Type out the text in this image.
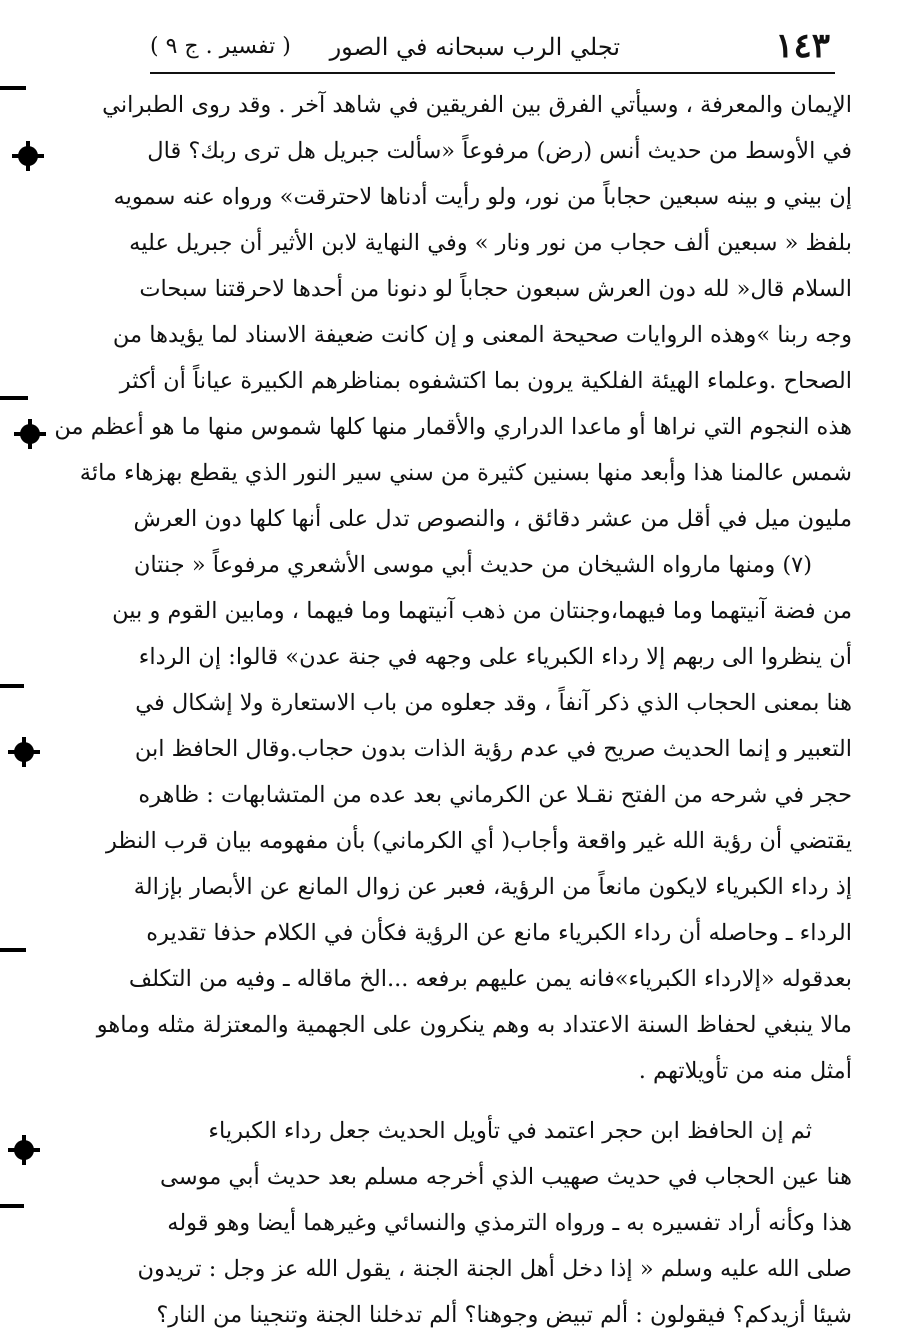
١٤٣
تجلي الرب سبحانه في الصور
( تفسير . ج ٩ )
الإيمان والمعرفة ، وسيأتي الفرق بين الفريقين في شاهد آخر . وقد روى الطبراني
في الأوسط من حديث أنس (رض) مرفوعاً «سألت جبريل هل ترى ربك؟ قال
إن بيني و بينه سبعين حجاباً من نور، ولو رأيت أدناها لاحترقت» ورواه عنه سمويه
بلفظ « سبعين ألف حجاب من نور ونار » وفي النهاية لابن الأثير أن جبريل عليه
السلام قال« لله دون العرش سبعون حجاباً لو دنونا من أحدها لاحرقتنا سبحات
وجه ربنا »وهذه الروايات صحيحة المعنى و إن كانت ضعيفة الاسناد لما يؤيدها من
الصحاح .وعلماء الهيئة الفلكية يرون بما اكتشفوه بمناظرهم الكبيرة عياناً أن أكثر
هذه النجوم التي نراها أو ماعدا الدراري والأقمار منها كلها شموس منها ما هو أعظم من
شمس عالمنا هذا وأبعد منها بسنين كثيرة من سني سير النور الذي يقطع بهزهاء مائة
مليون ميل في أقل من عشر دقائق ، والنصوص تدل على أنها كلها دون العرش
(٧) ومنها مارواه الشيخان من حديث أبي موسى الأشعري مرفوعاً « جنتان
من فضة آنيتهما وما فيهما،وجنتان من ذهب آنيتهما وما فيهما ، ومابين القوم و بين
أن ينظروا الى ربهم إلا رداء الكبرياء على وجهه في جنة عدن» قالوا: إن الرداء
هنا بمعنى الحجاب الذي ذكر آنفاً ، وقد جعلوه من باب الاستعارة ولا إشكال في
التعبير و إنما الحديث صريح في عدم رؤية الذات بدون حجاب.وقال الحافظ ابن
حجر في شرحه من الفتح نقـلا عن الكرماني بعد عده من المتشابهات : ظاهره
يقتضي أن رؤية الله غير واقعة وأجاب( أي الكرماني) بأن مفهومه بيان قرب النظر
إذ رداء الكبرياء لايكون مانعاً من الرؤية، فعبر عن زوال المانع عن الأبصار بإزالة
الرداء ـ وحاصله أن رداء الكبرياء مانع عن الرؤية فكأن في الكلام حذفا تقديره
بعدقوله «إلارداء الكبرياء»فانه يمن عليهم برفعه ...الخ ماقاله ـ وفيه من التكلف
مالا ينبغي لحفاظ السنة الاعتداد به وهم ينكرون على الجهمية والمعتزلة مثله وماهو
أمثل منه من تأويلاتهم .
ثم إن الحافظ ابن حجر اعتمد في تأويل الحديث جعل رداء الكبرياء
هنا عين الحجاب في حديث صهيب الذي أخرجه مسلم بعد حديث أبي موسى
هذا وكأنه أراد تفسيره به ـ ورواه الترمذي والنسائي وغيرهما أيضا وهو قوله
صلى الله عليه وسلم « إذا دخل أهل الجنة الجنة ، يقول الله عز وجل : تريدون
شيئا أزيدكم؟ فيقولون : ألم تبيض وجوهنا؟ ألم تدخلنا الجنة وتنجينا من النار؟
